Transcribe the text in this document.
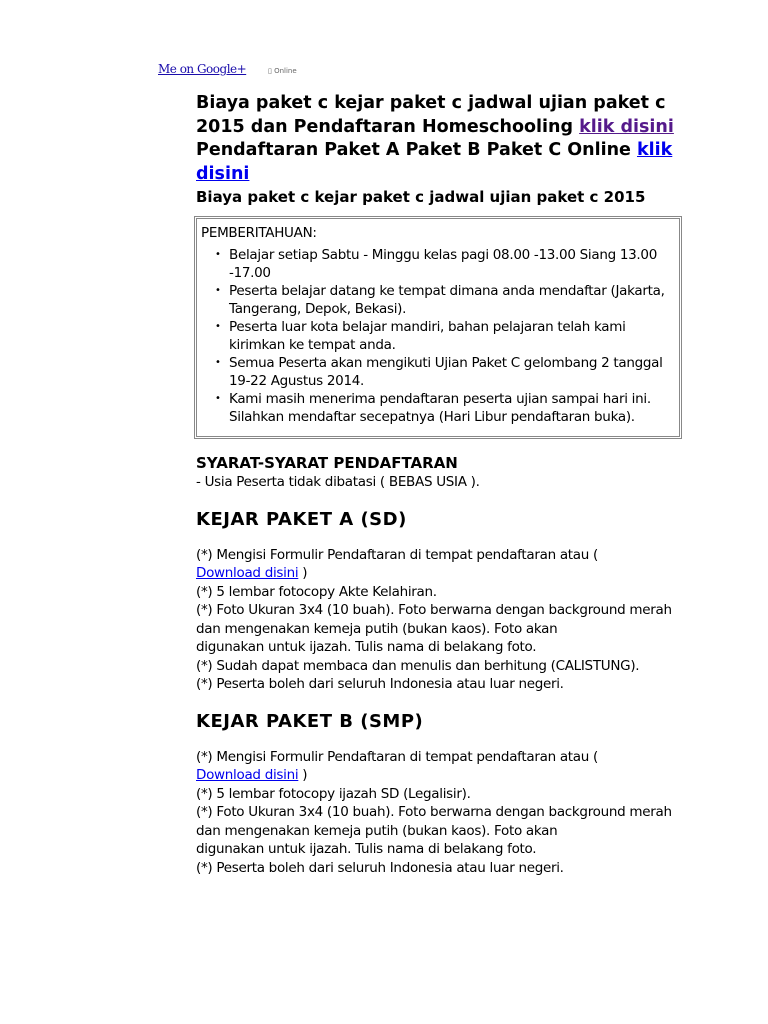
Me on Google+	▯ Online

Biaya paket c kejar paket c jadwal ujian paket c 2015 dan Pendaftaran Homeschooling klik disini Pendaftaran Paket A Paket B Paket C Online klik disini

Biaya paket c kejar paket c jadwal ujian paket c 2015

PEMBERITAHUAN:
• Belajar setiap Sabtu - Minggu kelas pagi 08.00 -13.00 Siang 13.00 -17.00
• Peserta belajar datang ke tempat dimana anda mendaftar (Jakarta, Tangerang, Depok, Bekasi).
• Peserta luar kota belajar mandiri, bahan pelajaran telah kami kirimkan ke tempat anda.
• Semua Peserta akan mengikuti Ujian Paket C gelombang 2 tanggal 19-22 Agustus 2014.
• Kami masih menerima pendaftaran peserta ujian sampai hari ini. Silahkan mendaftar secepatnya (Hari Libur pendaftaran buka).
SYARAT-SYARAT PENDAFTARAN
- Usia Peserta tidak dibatasi ( BEBAS USIA ).
KEJAR PAKET A (SD)
(*) Mengisi Formulir Pendaftaran di tempat pendaftaran atau (
Download disini )
(*) 5 lembar fotocopy Akte Kelahiran.
(*) Foto Ukuran 3x4 (10 buah). Foto berwarna dengan background merah dan mengenakan kemeja putih (bukan kaos). Foto akan
digunakan untuk ijazah. Tulis nama di belakang foto.
(*) Sudah dapat membaca dan menulis dan berhitung (CALISTUNG).
(*) Peserta boleh dari seluruh Indonesia atau luar negeri.
KEJAR PAKET B (SMP)
(*) Mengisi Formulir Pendaftaran di tempat pendaftaran atau (
Download disini )
(*) 5 lembar fotocopy ijazah SD (Legalisir).
(*) Foto Ukuran 3x4 (10 buah). Foto berwarna dengan background merah dan mengenakan kemeja putih (bukan kaos). Foto akan
digunakan untuk ijazah. Tulis nama di belakang foto.
(*) Peserta boleh dari seluruh Indonesia atau luar negeri.
